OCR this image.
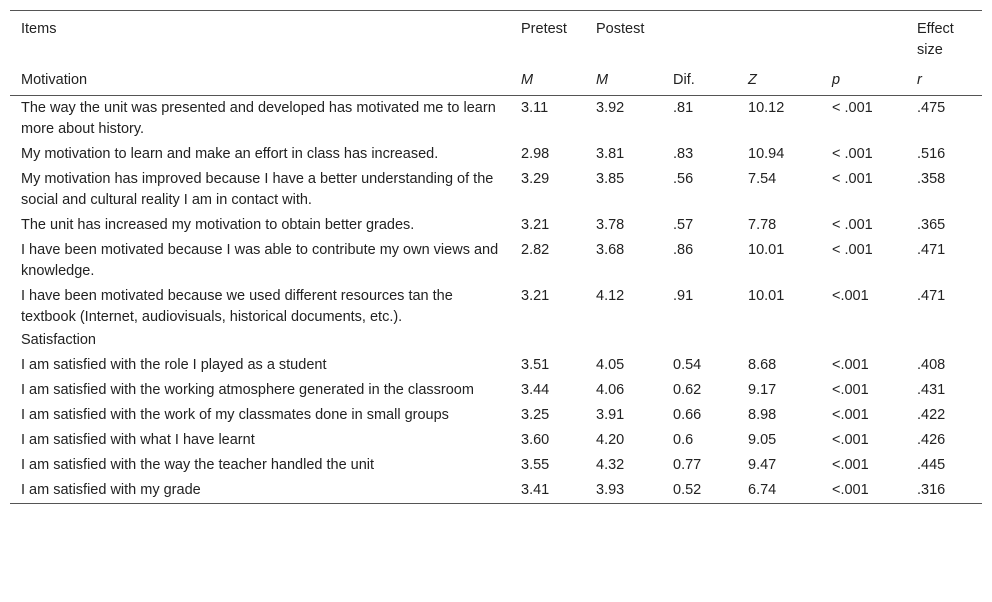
Items	Pretest	Postest				Effect size
Motivation	M	M	Dif.	Z	p	r
The way the unit was presented and developed has motivated me to learn more about history.	3.11	3.92	.81	10.12	< .001	.475
My motivation to learn and make an effort in class has increased.	2.98	3.81	.83	10.94	< .001	.516
My motivation has improved because I have a better understanding of the social and cultural reality I am in contact with.	3.29	3.85	.56	7.54	< .001	.358
The unit has increased my motivation to obtain better grades.	3.21	3.78	.57	7.78	< .001	.365
I have been motivated because I was able to contribute my own views and knowledge.	2.82	3.68	.86	10.01	< .001	.471
I have been motivated because we used different resources tan the textbook (Internet, audiovisuals, historical documents, etc.).	3.21	4.12	.91	10.01	<.001	.471
Satisfaction						
I am satisfied with the role I played as a student	3.51	4.05	0.54	8.68	<.001	.408
I am satisfied with the working atmosphere generated in the classroom	3.44	4.06	0.62	9.17	<.001	.431
I am satisfied with the work of my classmates done in small groups	3.25	3.91	0.66	8.98	<.001	.422
I am satisfied with what I have learnt	3.60	4.20	0.6	9.05	<.001	.426
I am satisfied with the way the teacher handled the unit	3.55	4.32	0.77	9.47	<.001	.445
I am satisfied with my grade	3.41	3.93	0.52	6.74	<.001	.316
